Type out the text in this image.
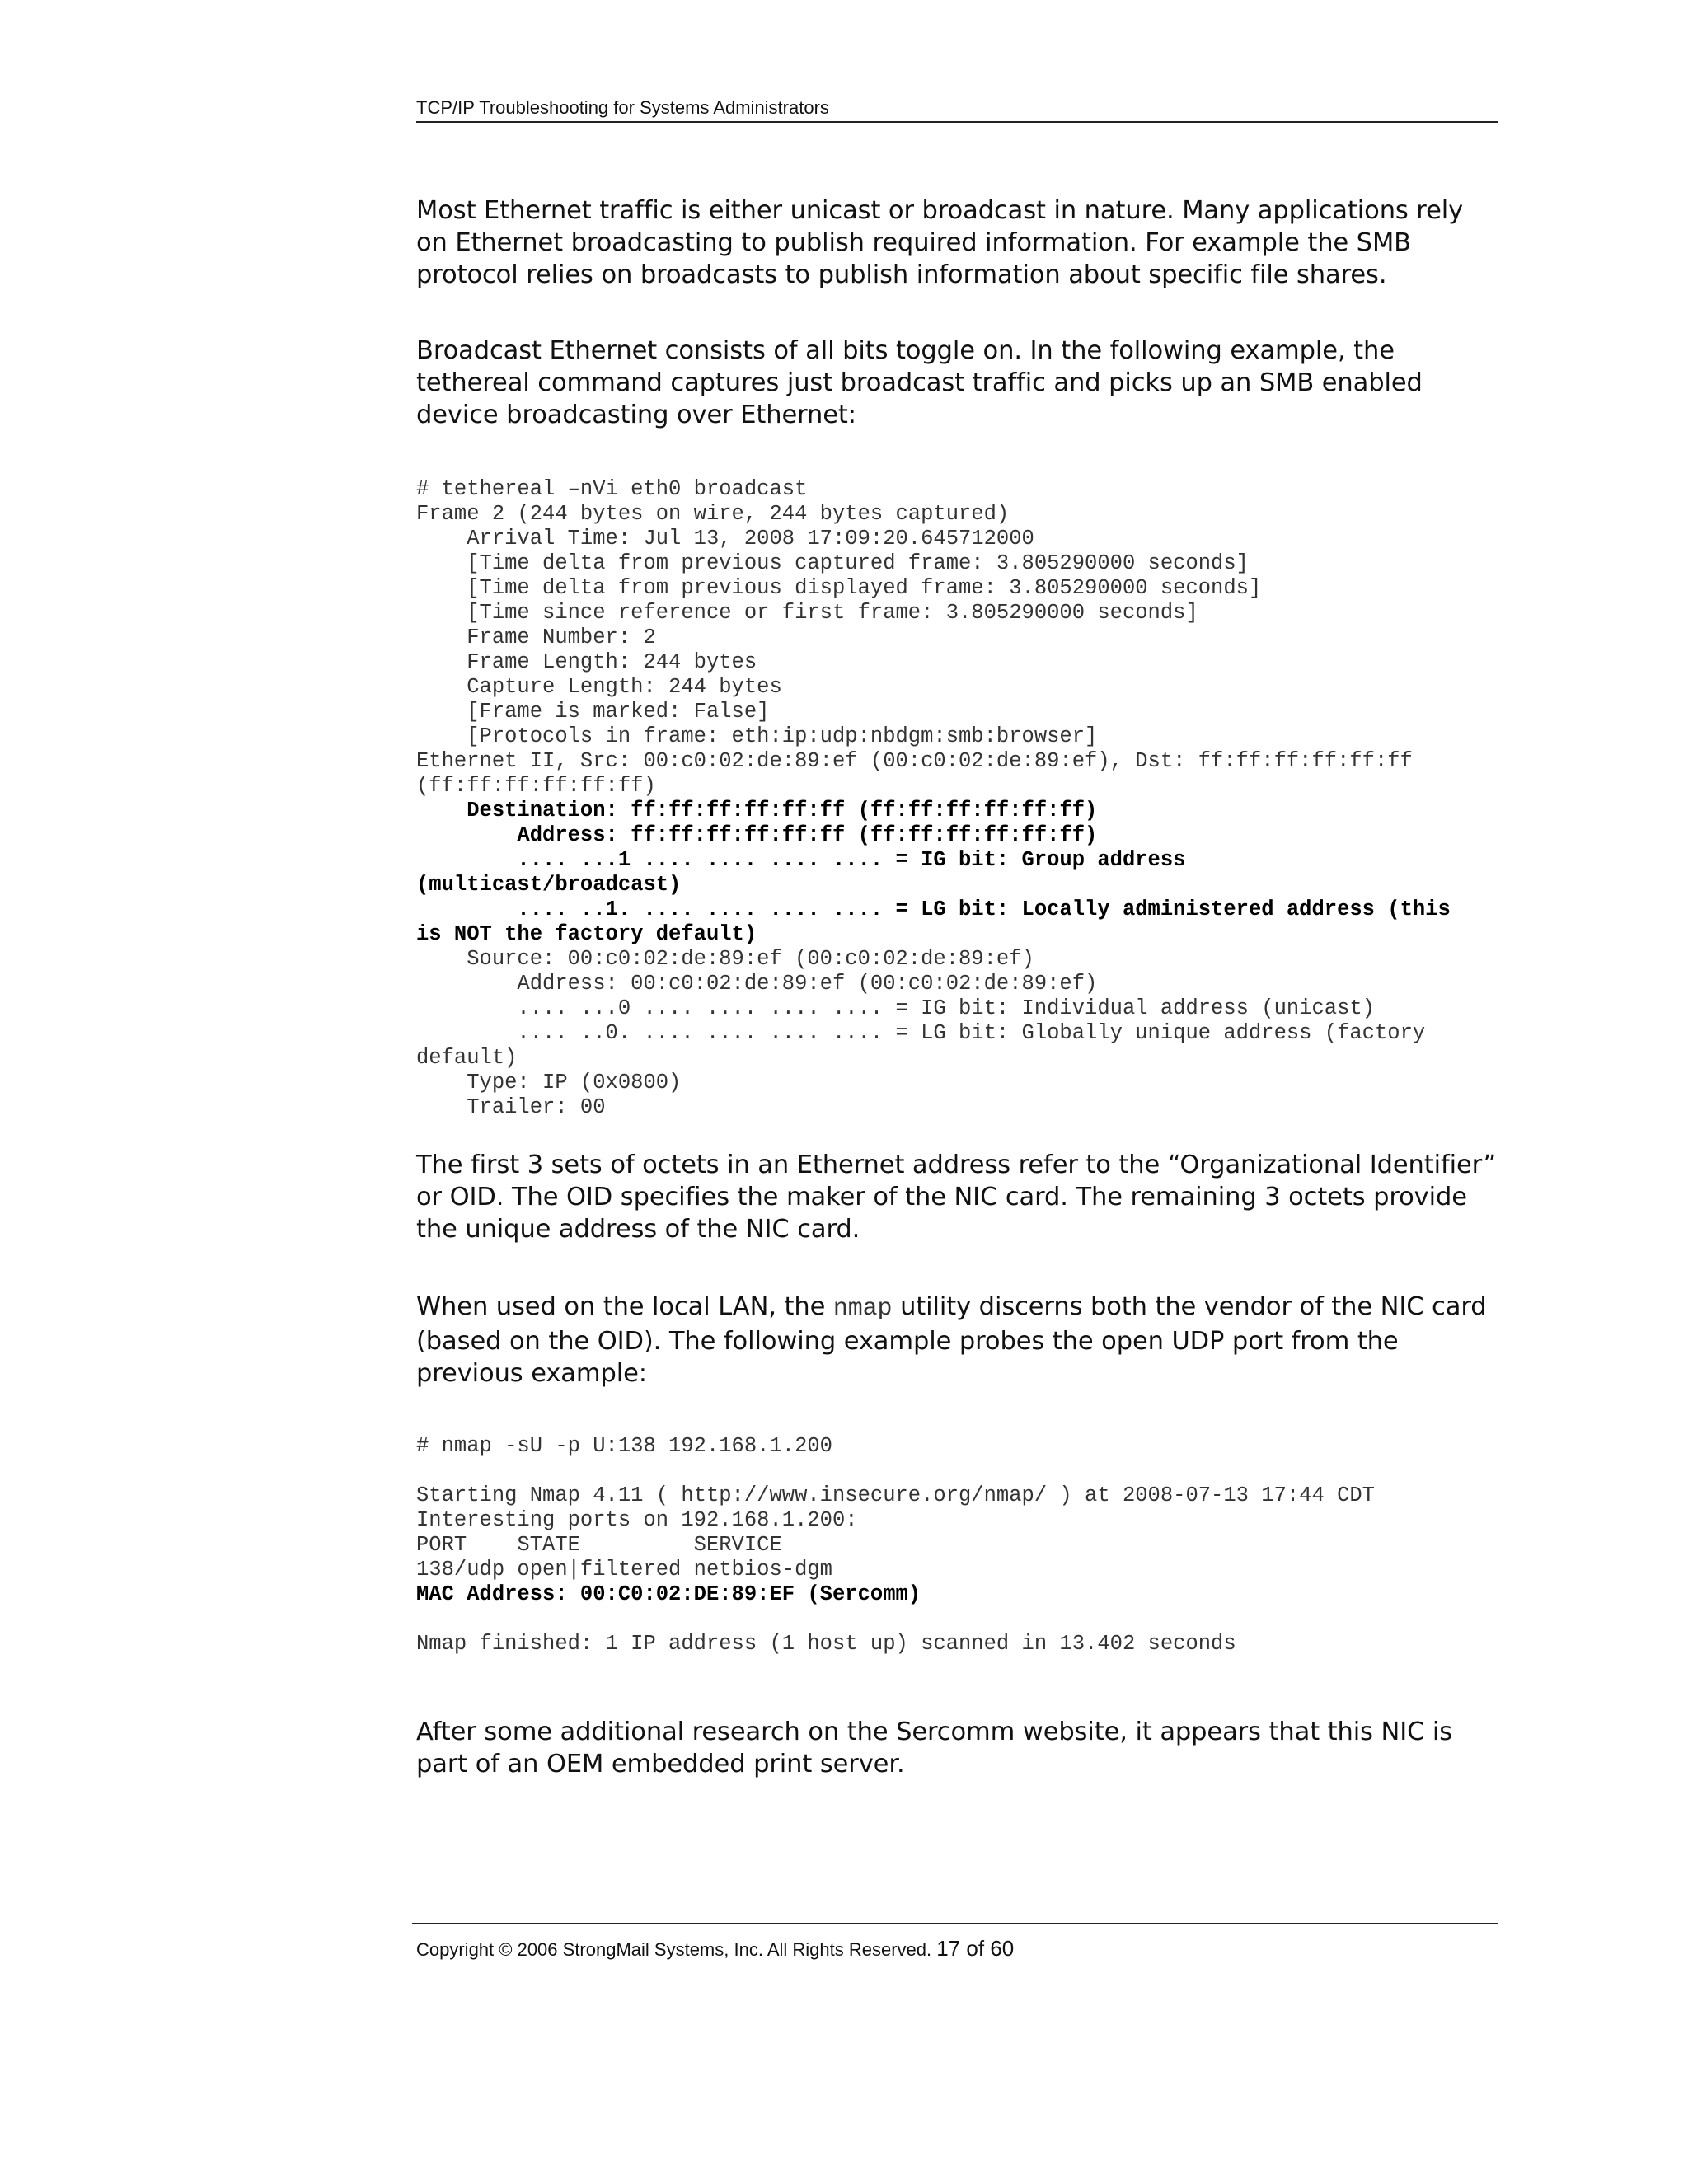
TCP/IP Troubleshooting for Systems Administrators

Most Ethernet traffic is either unicast or broadcast in nature. Many applications rely on Ethernet broadcasting to publish required information. For example the SMB protocol relies on broadcasts to publish information about specific file shares.

Broadcast Ethernet consists of all bits toggle on. In the following example, the tethereal command captures just broadcast traffic and picks up an SMB enabled device broadcasting over Ethernet:

# tethereal –nVi eth0 broadcast
Frame 2 (244 bytes on wire, 244 bytes captured)
Arrival Time: Jul 13, 2008 17:09:20.645712000
[Time delta from previous captured frame: 3.805290000 seconds]
[Time delta from previous displayed frame: 3.805290000 seconds]
[Time since reference or first frame: 3.805290000 seconds]
Frame Number: 2
Frame Length: 244 bytes
Capture Length: 244 bytes
[Frame is marked: False]
[Protocols in frame: eth:ip:udp:nbdgm:smb:browser]
Ethernet II, Src: 00:c0:02:de:89:ef (00:c0:02:de:89:ef), Dst: ff:ff:ff:ff:ff:ff
(ff:ff:ff:ff:ff:ff)
Destination: ff:ff:ff:ff:ff:ff (ff:ff:ff:ff:ff:ff)
Address: ff:ff:ff:ff:ff:ff (ff:ff:ff:ff:ff:ff)
.... ...1 .... .... .... .... = IG bit: Group address
(multicast/broadcast)
.... ..1. .... .... .... .... = LG bit: Locally administered address (this
is NOT the factory default)
Source: 00:c0:02:de:89:ef (00:c0:02:de:89:ef)
Address: 00:c0:02:de:89:ef (00:c0:02:de:89:ef)
.... ...0 .... .... .... .... = IG bit: Individual address (unicast)
.... ..0. .... .... .... .... = LG bit: Globally unique address (factory
default)
Type: IP (0x0800)
Trailer: 00

The first 3 sets of octets in an Ethernet address refer to the “Organizational Identifier” or OID. The OID specifies the maker of the NIC card. The remaining 3 octets provide the unique address of the NIC card.

When used on the local LAN, the nmap utility discerns both the vendor of the NIC card (based on the OID). The following example probes the open UDP port from the previous example:

# nmap -sU -p U:138 192.168.1.200

Starting Nmap 4.11 ( http://www.insecure.org/nmap/ ) at 2008-07-13 17:44 CDT
Interesting ports on 192.168.1.200:
PORT    STATE         SERVICE
138/udp open|filtered netbios-dgm
MAC Address: 00:C0:02:DE:89:EF (Sercomm)

Nmap finished: 1 IP address (1 host up) scanned in 13.402 seconds

After some additional research on the Sercomm website, it appears that this NIC is part of an OEM embedded print server.

Copyright © 2006 StrongMail Systems, Inc. All Rights Reserved. 17 of 60
